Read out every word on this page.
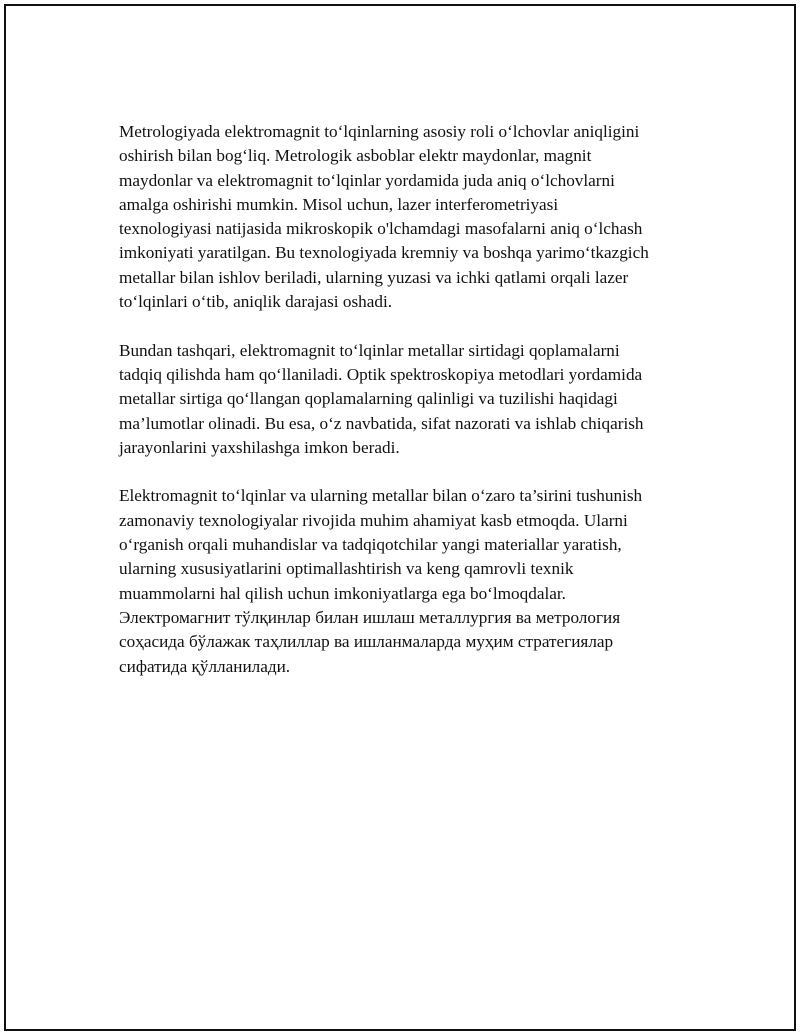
Metrologiyada elektromagnit to‘lqinlarning asosiy roli o‘lchovlar aniqligini
oshirish bilan bog‘liq. Metrologik asboblar elektr maydonlar, magnit
maydonlar va elektromagnit to‘lqinlar yordamida juda aniq o‘lchovlarni
amalga oshirishi mumkin. Misol uchun, lazer interferometriyasi
texnologiyasi natijasida mikroskopik o'lchamdagi masofalarni aniq o‘lchash
imkoniyati yaratilgan. Bu texnologiyada kremniy va boshqa yarimo‘tkazgich
metallar bilan ishlov beriladi, ularning yuzasi va ichki qatlami orqali lazer
to‘lqinlari o‘tib, aniqlik darajasi oshadi.

Bundan tashqari, elektromagnit to‘lqinlar metallar sirtidagi qoplamalarni
tadqiq qilishda ham qo‘llaniladi. Optik spektroskopiya metodlari yordamida
metallar sirtiga qo‘llangan qoplamalarning qalinligi va tuzilishi haqidagi
ma’lumotlar olinadi. Bu esa, o‘z navbatida, sifat nazorati va ishlab chiqarish
jarayonlarini yaxshilashga imkon beradi.

Elektromagnit to‘lqinlar va ularning metallar bilan o‘zaro ta’sirini tushunish
zamonaviy texnologiyalar rivojida muhim ahamiyat kasb etmoqda. Ularni
o‘rganish orqali muhandislar va tadqiqotchilar yangi materiallar yaratish,
ularning xususiyatlarini optimallashtirish va keng qamrovli texnik
muammolarni hal qilish uchun imkoniyatlarga ega bo‘lmoqdalar.
Электромагнит тўлқинлар билан ишлаш металлургия ва метрология
соҳасида бўлажак таҳлиллар ва ишланмаларда муҳим стратегиялар
сифатида қўлланилади.
